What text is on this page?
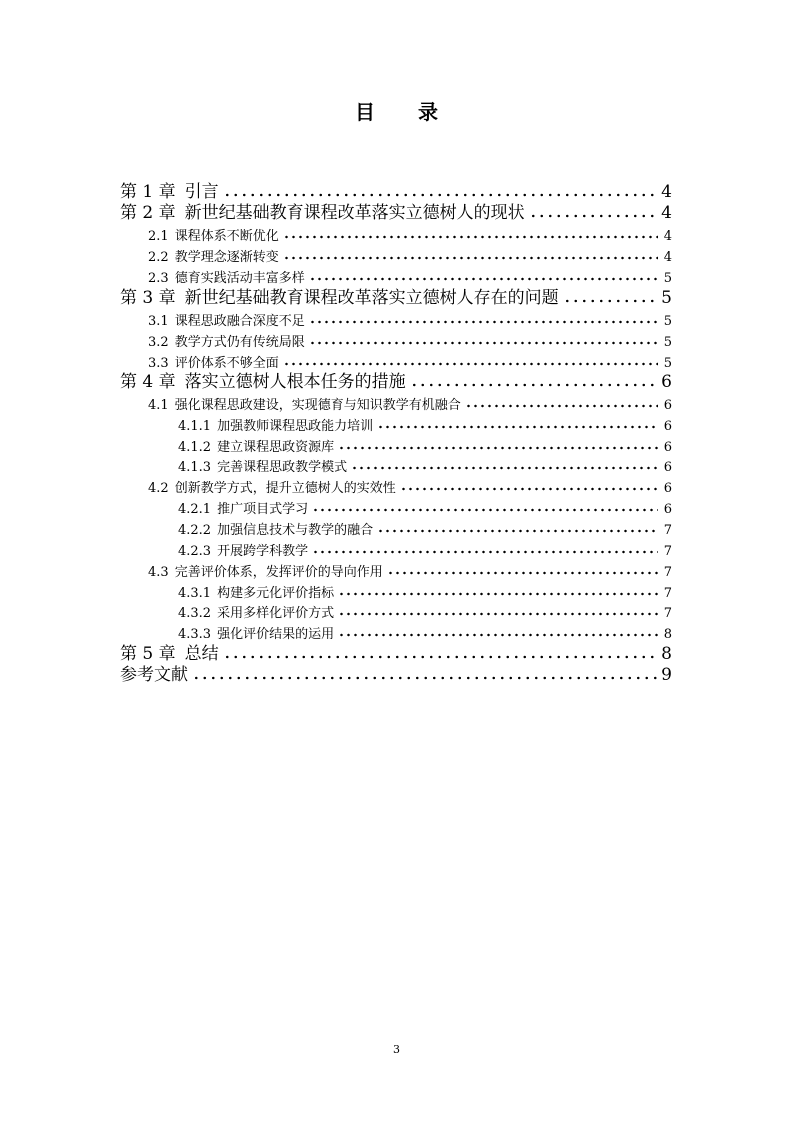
目 录
第 1 章 引言	4
第 2 章 新世纪基础教育课程改革落实立德树人的现状	4
2.1 课程体系不断优化	4
2.2 教学理念逐渐转变	4
2.3 德育实践活动丰富多样	5
第 3 章 新世纪基础教育课程改革落实立德树人存在的问题	5
3.1 课程思政融合深度不足	5
3.2 教学方式仍有传统局限	5
3.3 评价体系不够全面	5
第 4 章 落实立德树人根本任务的措施	6
4.1 强化课程思政建设，实现德育与知识教学有机融合	6
4.1.1 加强教师课程思政能力培训	6
4.1.2 建立课程思政资源库	6
4.1.3 完善课程思政教学模式	6
4.2 创新教学方式，提升立德树人的实效性	6
4.2.1 推广项目式学习	6
4.2.2 加强信息技术与教学的融合	7
4.2.3 开展跨学科教学	7
4.3 完善评价体系，发挥评价的导向作用	7
4.3.1 构建多元化评价指标	7
4.3.2 采用多样化评价方式	7
4.3.3 强化评价结果的运用	8
第 5 章 总结	8
参考文献	9
3
